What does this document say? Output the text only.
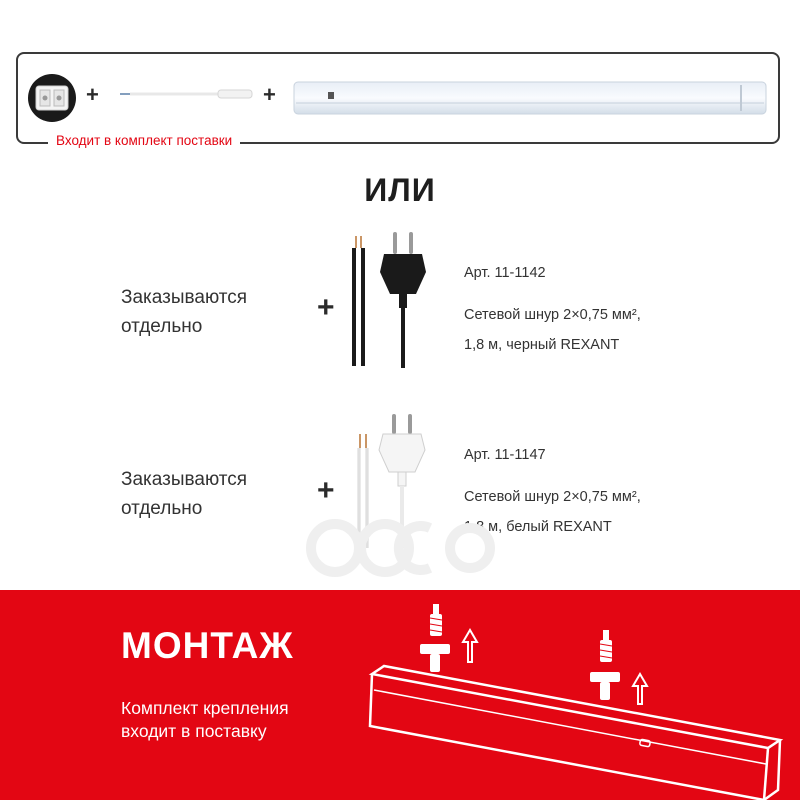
+	+
Входит в комплект поставки
ИЛИ
Заказываются
отдельно
+
Арт. 11-1142
Сетевой шнур 2×0,75 мм²,
1,8 м, черный REXANT
Заказываются
отдельно
+
Арт. 11-1147
Сетевой шнур 2×0,75 мм²,
1,8 м, белый REXANT
МОНТАЖ
Комплект крепления
входит в поставку
